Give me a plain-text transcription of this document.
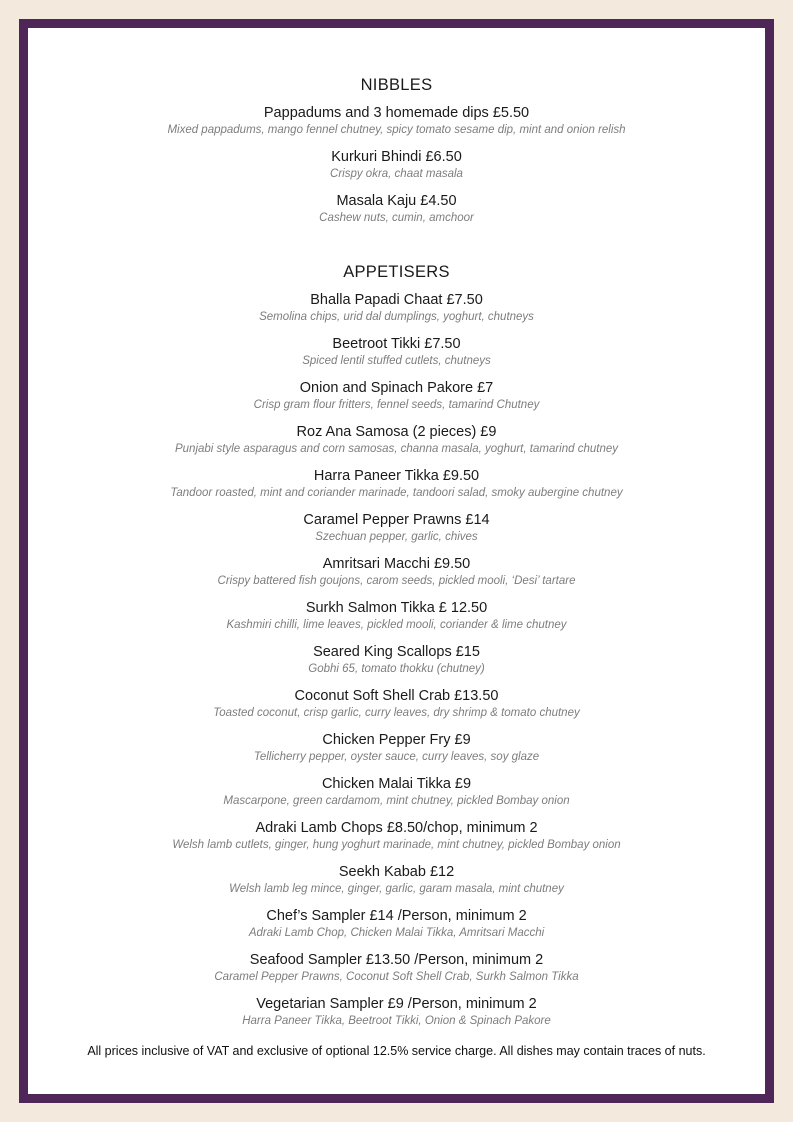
NIBBLES
Pappadums and 3 homemade dips £5.50
Mixed pappadums, mango fennel chutney, spicy tomato sesame dip, mint and onion relish
Kurkuri Bhindi £6.50
Crispy okra, chaat masala
Masala Kaju £4.50
Cashew nuts, cumin, amchoor
APPETISERS
Bhalla Papadi Chaat £7.50
Semolina chips, urid dal dumplings, yoghurt, chutneys
Beetroot Tikki £7.50
Spiced lentil stuffed cutlets, chutneys
Onion and Spinach Pakore £7
Crisp gram flour fritters, fennel seeds, tamarind Chutney
Roz Ana Samosa (2 pieces) £9
Punjabi style asparagus and corn samosas, channa masala, yoghurt, tamarind chutney
Harra Paneer Tikka £9.50
Tandoor roasted, mint and coriander marinade, tandoori salad, smoky aubergine chutney
Caramel Pepper Prawns £14
Szechuan pepper, garlic, chives
Amritsari Macchi £9.50
Crispy battered fish goujons, carom seeds, pickled mooli, ‘Desi’ tartare
Surkh Salmon Tikka £ 12.50
Kashmiri chilli, lime leaves, pickled mooli, coriander & lime chutney
Seared King Scallops £15
Gobhi 65, tomato thokku (chutney)
Coconut Soft Shell Crab £13.50
Toasted coconut, crisp garlic, curry leaves, dry shrimp & tomato chutney
Chicken Pepper Fry £9
Tellicherry pepper, oyster sauce, curry leaves, soy glaze
Chicken Malai Tikka £9
Mascarpone, green cardamom, mint chutney, pickled Bombay onion
Adraki Lamb Chops £8.50/chop, minimum 2
Welsh lamb cutlets, ginger, hung yoghurt marinade, mint chutney, pickled Bombay onion
Seekh Kabab £12
Welsh lamb leg mince, ginger, garlic, garam masala, mint chutney
Chef’s Sampler £14 /Person, minimum 2
Adraki Lamb Chop, Chicken Malai Tikka, Amritsari Macchi
Seafood Sampler £13.50 /Person, minimum 2
Caramel Pepper Prawns, Coconut Soft Shell Crab, Surkh Salmon Tikka
Vegetarian Sampler £9 /Person, minimum 2
Harra Paneer Tikka, Beetroot Tikki, Onion & Spinach Pakore
All prices inclusive of VAT and exclusive of optional 12.5% service charge. All dishes may contain traces of nuts.
